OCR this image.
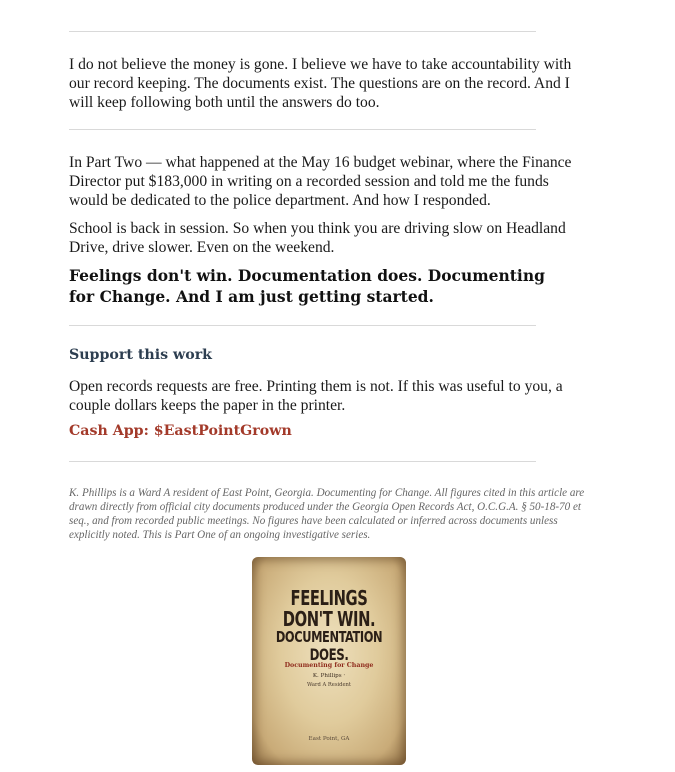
I do not believe the money is gone. I believe we have to take accountability with our record keeping. The documents exist. The questions are on the record. And I will keep following both until the answers do too.

In Part Two — what happened at the May 16 budget webinar, where the Finance Director put $183,000 in writing on a recorded session and told me the funds would be dedicated to the police department. And how I responded.

School is back in session. So when you think you are driving slow on Headland Drive, drive slower. Even on the weekend.

Feelings don't win. Documentation does. Documenting for Change. And I am just getting started.

Support this work

Open records requests are free. Printing them is not. If this was useful to you, a couple dollars keeps the paper in the printer.

Cash App: $EastPointGrown

K. Phillips is a Ward A resident of East Point, Georgia. Documenting for Change. All figures cited in this article are drawn directly from official city documents produced under the Georgia Open Records Act, O.C.G.A. § 50-18-70 et seq., and from recorded public meetings. No figures have been calculated or inferred across documents unless explicitly noted. This is Part One of an ongoing investigative series.

FEELINGS
DON'T WIN.
DOCUMENTATION
DOES.
Documenting for Change
K. Phillips ·
Ward A Resident
East Point, GA
